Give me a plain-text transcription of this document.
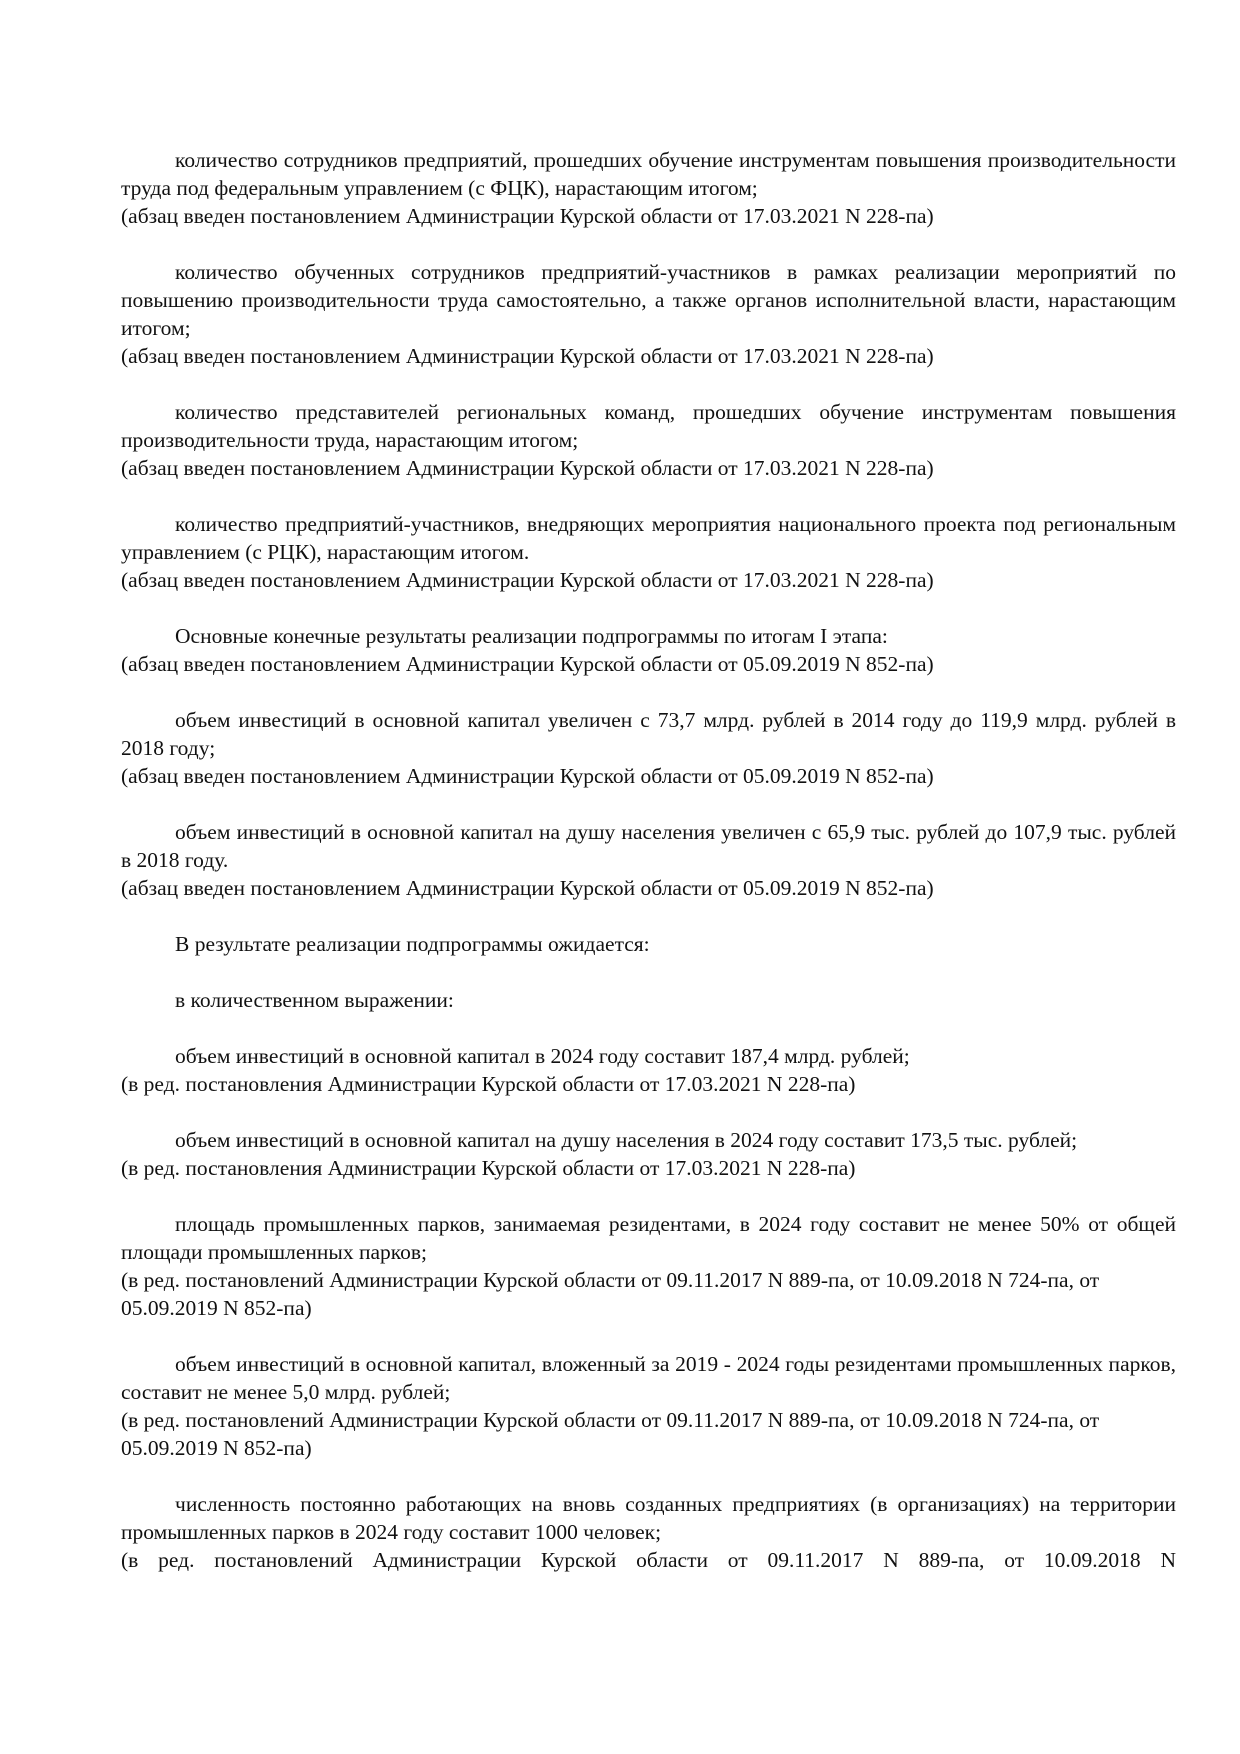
количество сотрудников предприятий, прошедших обучение инструментам повышения производительности труда под федеральным управлением (с ФЦК), нарастающим итогом;

(абзац введен постановлением Администрации Курской области от 17.03.2021 N 228-па)

количество обученных сотрудников предприятий-участников в рамках реализации мероприятий по повышению производительности труда самостоятельно, а также органов исполнительной власти, нарастающим итогом;

(абзац введен постановлением Администрации Курской области от 17.03.2021 N 228-па)

количество представителей региональных команд, прошедших обучение инструментам повышения производительности труда, нарастающим итогом;

(абзац введен постановлением Администрации Курской области от 17.03.2021 N 228-па)

количество предприятий-участников, внедряющих мероприятия национального проекта под региональным управлением (с РЦК), нарастающим итогом.

(абзац введен постановлением Администрации Курской области от 17.03.2021 N 228-па)

Основные конечные результаты реализации подпрограммы по итогам I этапа:

(абзац введен постановлением Администрации Курской области от 05.09.2019 N 852-па)

объем инвестиций в основной капитал увеличен с 73,7 млрд. рублей в 2014 году до 119,9 млрд. рублей в 2018 году;

(абзац введен постановлением Администрации Курской области от 05.09.2019 N 852-па)

объем инвестиций в основной капитал на душу населения увеличен с 65,9 тыс. рублей до 107,9 тыс. рублей в 2018 году.

(абзац введен постановлением Администрации Курской области от 05.09.2019 N 852-па)

В результате реализации подпрограммы ожидается:

в количественном выражении:

объем инвестиций в основной капитал в 2024 году составит 187,4 млрд. рублей;

(в ред. постановления Администрации Курской области от 17.03.2021 N 228-па)

объем инвестиций в основной капитал на душу населения в 2024 году составит 173,5 тыс. рублей;

(в ред. постановления Администрации Курской области от 17.03.2021 N 228-па)

площадь промышленных парков, занимаемая резидентами, в 2024 году составит не менее 50% от общей площади промышленных парков;

(в ред. постановлений Администрации Курской области от 09.11.2017 N 889-па, от 10.09.2018 N 724-па, от 05.09.2019 N 852-па)

объем инвестиций в основной капитал, вложенный за 2019 - 2024 годы резидентами промышленных парков, составит не менее 5,0 млрд. рублей;

(в ред. постановлений Администрации Курской области от 09.11.2017 N 889-па, от 10.09.2018 N 724-па, от 05.09.2019 N 852-па)

численность постоянно работающих на вновь созданных предприятиях (в организациях) на территории промышленных парков в 2024 году составит 1000 человек;

(в ред. постановлений Администрации Курской области от 09.11.2017 N 889-па, от 10.09.2018 N
